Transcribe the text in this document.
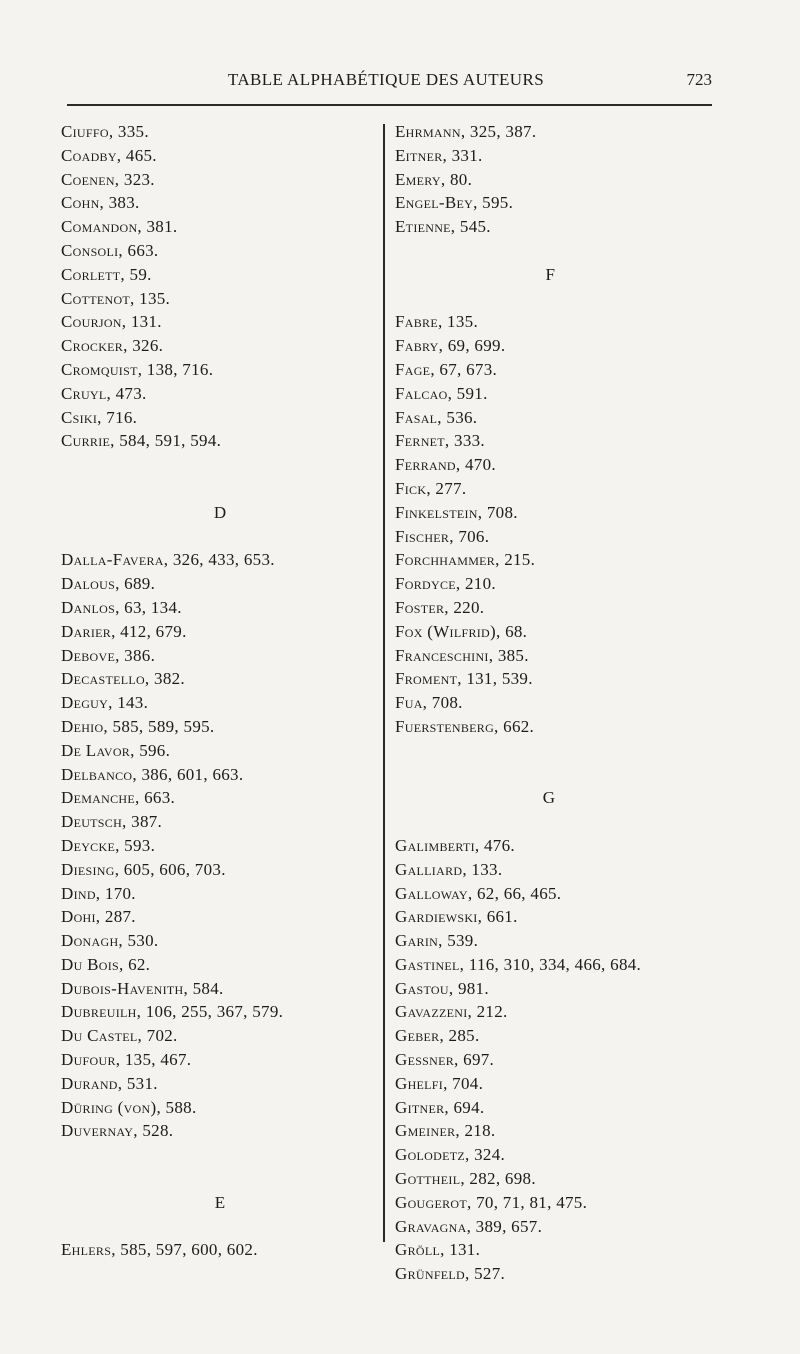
TABLE ALPHABÉTIQUE DES AUTEURS	723
Ciuffo, 335.
Coadby, 465.
Coenen, 323.
Cohn, 383.
Comandon, 381.
Consoli, 663.
Corlett, 59.
Cottenot, 135.
Courjon, 131.
Crocker, 326.
Cromquist, 138, 716.
Cruyl, 473.
Csiki, 716.
Currie, 584, 591, 594.
D
Dalla-Favera, 326, 433, 653.
Dalous, 689.
Danlos, 63, 134.
Darier, 412, 679.
Debove, 386.
Decastello, 382.
Deguy, 143.
Dehio, 585, 589, 595.
De Lavor, 596.
Delbanco, 386, 601, 663.
Demanche, 663.
Deutsch, 387.
Deycke, 593.
Diesing, 605, 606, 703.
Dind, 170.
Dohi, 287.
Donagh, 530.
Du Bois, 62.
Dubois-Havenith, 584.
Dubreuilh, 106, 255, 367, 579.
Du Castel, 702.
Dufour, 135, 467.
Durand, 531.
Düring (von), 588.
Duvernay, 528.
E
Ehlers, 585, 597, 600, 602.
Ehrmann, 325, 387.
Eitner, 331.
Emery, 80.
Engel-Bey, 595.
Etienne, 545.
F
Fabre, 135.
Fabry, 69, 699.
Fage, 67, 673.
Falcao, 591.
Fasal, 536.
Fernet, 333.
Ferrand, 470.
Fick, 277.
Finkelstein, 708.
Fischer, 706.
Forchhammer, 215.
Fordyce, 210.
Foster, 220.
Fox (Wilfrid), 68.
Franceschini, 385.
Froment, 131, 539.
Fua, 708.
Fuerstenberg, 662.
G
Galimberti, 476.
Galliard, 133.
Galloway, 62, 66, 465.
Gardiewski, 661.
Garin, 539.
Gastinel, 116, 310, 334, 466, 684.
Gastou, 981.
Gavazzeni, 212.
Geber, 285.
Gessner, 697.
Ghelfi, 704.
Gitner, 694.
Gmeiner, 218.
Golodetz, 324.
Gottheil, 282, 698.
Gougerot, 70, 71, 81, 475.
Gravagna, 389, 657.
Gröll, 131.
Grünfeld, 527.
